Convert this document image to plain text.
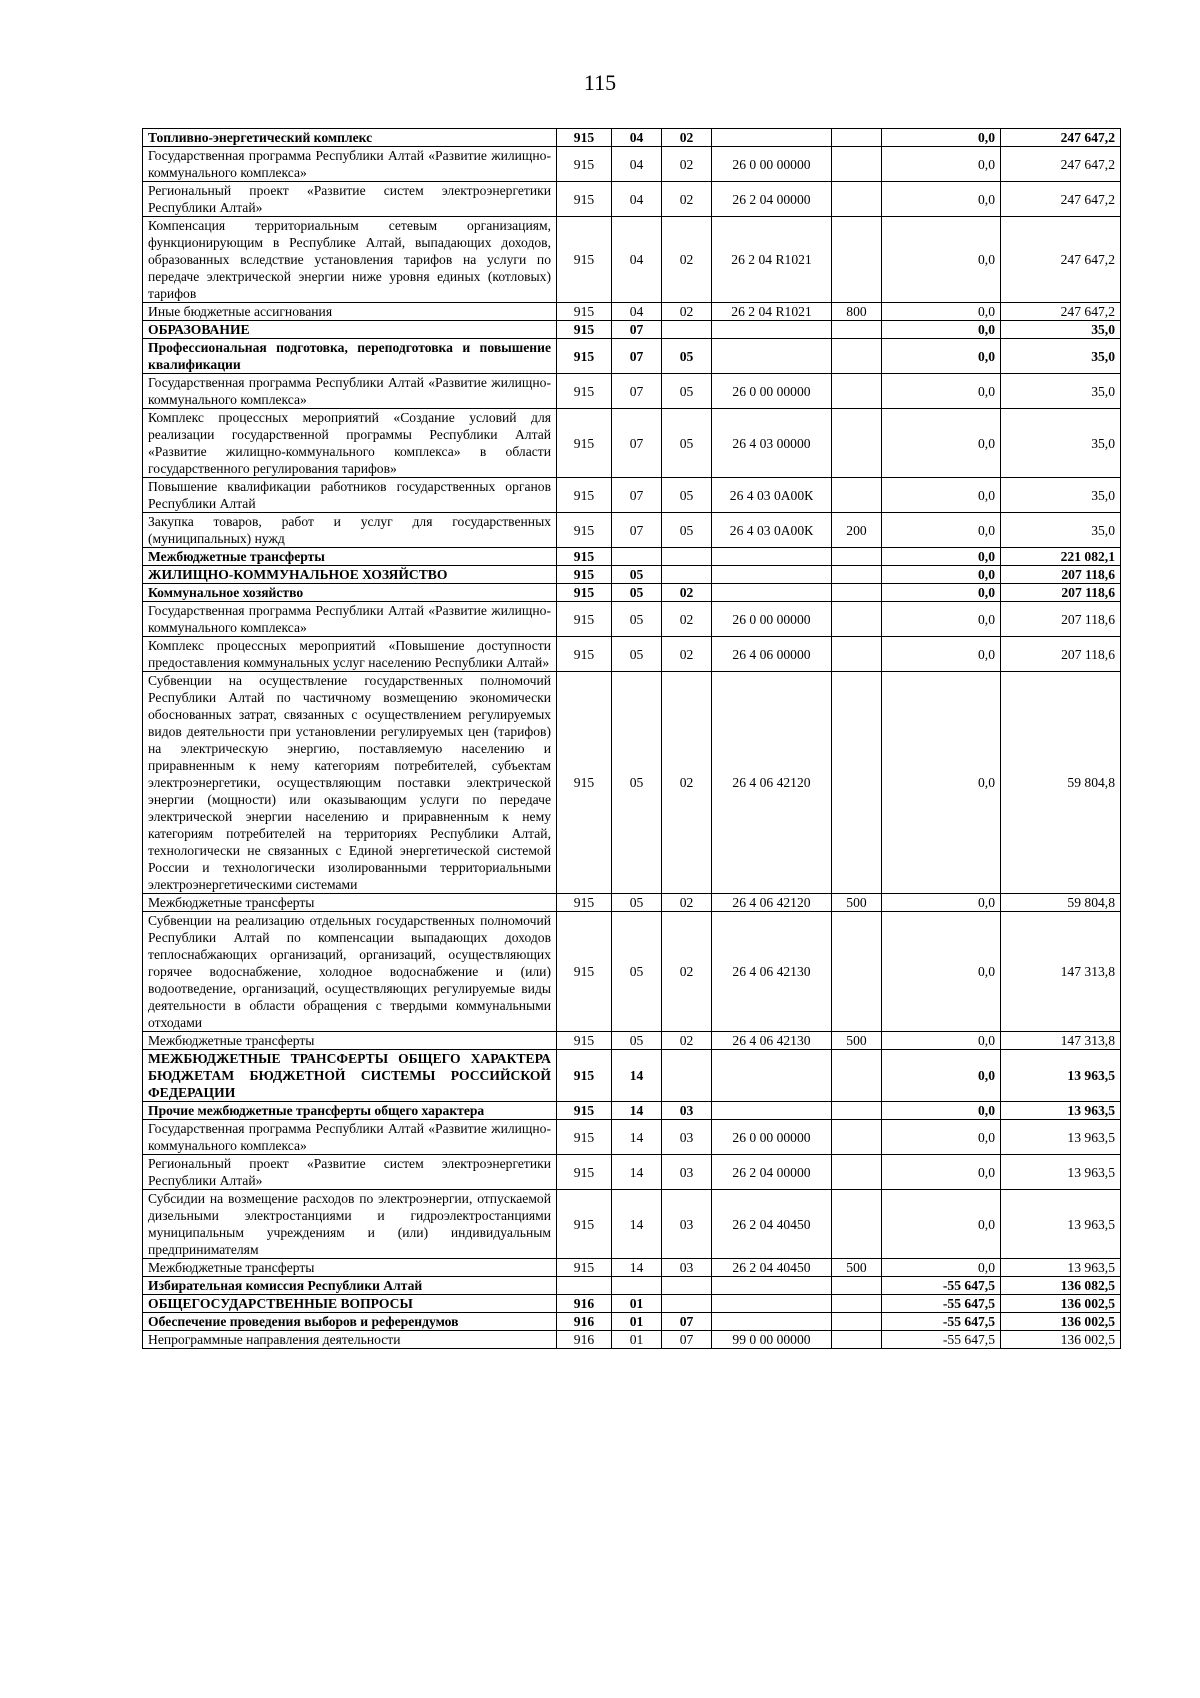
115
Топливно-энергетический комплекс	915	04	02			0,0	247 647,2
Государственная программа Республики Алтай «Развитие жилищно-коммунального комплекса»	915	04	02	26 0 00 00000		0,0	247 647,2
Региональный проект «Развитие систем электроэнергетики Республики Алтай»	915	04	02	26 2 04 00000		0,0	247 647,2
Компенсация территориальным сетевым организациям, функционирующим в Республике Алтай, выпадающих доходов, образованных вследствие установления тарифов на услуги по передаче электрической энергии ниже уровня единых (котловых) тарифов	915	04	02	26 2 04 R1021		0,0	247 647,2
Иные бюджетные ассигнования	915	04	02	26 2 04 R1021	800	0,0	247 647,2
ОБРАЗОВАНИЕ	915	07				0,0	35,0
Профессиональная подготовка, переподготовка и повышение квалификации	915	07	05			0,0	35,0
Государственная программа Республики Алтай «Развитие жилищно-коммунального комплекса»	915	07	05	26 0 00 00000		0,0	35,0
Комплекс процессных мероприятий «Создание условий для реализации государственной программы Республики Алтай «Развитие жилищно-коммунального комплекса» в области государственного регулирования тарифов»	915	07	05	26 4 03 00000		0,0	35,0
Повышение квалификации работников государственных органов Республики Алтай	915	07	05	26 4 03 0А00К		0,0	35,0
Закупка товаров, работ и услуг для государственных (муниципальных) нужд	915	07	05	26 4 03 0А00К	200	0,0	35,0
Межбюджетные трансферты	915					0,0	221 082,1
ЖИЛИЩНО-КОММУНАЛЬНОЕ ХОЗЯЙСТВО	915	05				0,0	207 118,6
Коммунальное хозяйство	915	05	02			0,0	207 118,6
Государственная программа Республики Алтай «Развитие жилищно-коммунального комплекса»	915	05	02	26 0 00 00000		0,0	207 118,6
Комплекс процессных мероприятий «Повышение доступности предоставления коммунальных услуг населению Республики Алтай»	915	05	02	26 4 06 00000		0,0	207 118,6
Субвенции на осуществление государственных полномочий Республики Алтай по частичному возмещению экономически обоснованных затрат, связанных с осуществлением регулируемых видов деятельности при установлении регулируемых цен (тарифов) на электрическую энергию, поставляемую населению и приравненным к нему категориям потребителей, субъектам электроэнергетики, осуществляющим поставки электрической энергии (мощности) или оказывающим услуги по передаче электрической энергии населению и приравненным к нему категориям потребителей на территориях Республики Алтай, технологически не связанных с Единой энергетической системой России и технологически изолированными территориальными электроэнергетическими системами	915	05	02	26 4 06 42120		0,0	59 804,8
Межбюджетные трансферты	915	05	02	26 4 06 42120	500	0,0	59 804,8
Субвенции на реализацию отдельных государственных полномочий Республики Алтай по компенсации выпадающих доходов теплоснабжающих организаций, организаций, осуществляющих горячее водоснабжение, холодное водоснабжение и (или) водоотведение, организаций, осуществляющих регулируемые виды деятельности в области обращения с твердыми коммунальными отходами	915	05	02	26 4 06 42130		0,0	147 313,8
Межбюджетные трансферты	915	05	02	26 4 06 42130	500	0,0	147 313,8
МЕЖБЮДЖЕТНЫЕ ТРАНСФЕРТЫ ОБЩЕГО ХАРАКТЕРА БЮДЖЕТАМ БЮДЖЕТНОЙ СИСТЕМЫ РОССИЙСКОЙ ФЕДЕРАЦИИ	915	14				0,0	13 963,5
Прочие межбюджетные трансферты общего характера	915	14	03			0,0	13 963,5
Государственная программа Республики Алтай «Развитие жилищно-коммунального комплекса»	915	14	03	26 0 00 00000		0,0	13 963,5
Региональный проект «Развитие систем электроэнергетики Республики Алтай»	915	14	03	26 2 04 00000		0,0	13 963,5
Субсидии на возмещение расходов по электроэнергии, отпускаемой дизельными электростанциями и гидроэлектростанциями муниципальным учреждениям и (или) индивидуальным предпринимателям	915	14	03	26 2 04 40450		0,0	13 963,5
Межбюджетные трансферты	915	14	03	26 2 04 40450	500	0,0	13 963,5
Избирательная комиссия Республики Алтай						-55 647,5	136 082,5
ОБЩЕГОСУДАРСТВЕННЫЕ ВОПРОСЫ	916	01				-55 647,5	136 002,5
Обеспечение проведения выборов и референдумов	916	01	07			-55 647,5	136 002,5
Непрограммные направления деятельности	916	01	07	99 0 00 00000		-55 647,5	136 002,5
